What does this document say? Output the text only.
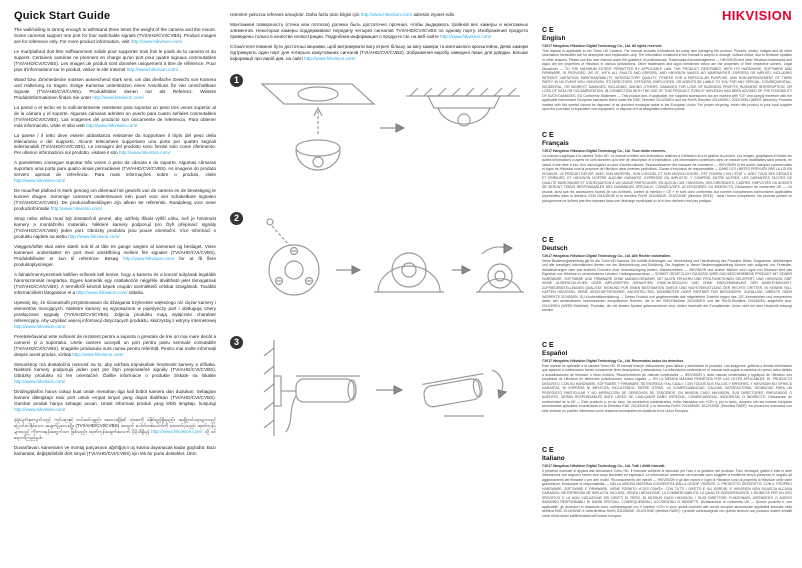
Quick Start Guide
The wall/ceiling is strong enough to withstand three times the weight of the camera and the mount. Some cameras support one port for four switchable signals (TVI/AHD/CVI/CVBS). Product images are for reference only. For more product information, visit http://www.hikvision.com/
Le mur/plafond doit être suffisamment solide pour supporter trois fois le poids de la caméra et du support. Certaines caméras ne prennent en charge qu'un port pour quatre signaux commutables (TVI/AHD/CVI/CVBS). Les images de produit sont données uniquement à titre de référence. Pour plus d'informations sur le produit, visitez le site Internet http://www.hikvision.com/
Wand bzw. Zimmerdecke müssen ausreichend stark sein, um das dreifache Gewicht von Kamera und Halterung zu tragen. Einige Kameras unterstützen einen Anschluss für vier umschaltbare Signale (TVI/AHD/CVI/CVBS). Produktbilder dienen nur als Referenz. Weitere Produktinformationen finden Sie unter http://www.hikvision.com/
La pared o el techo es lo suficientemente resistente para soportar un peso tres veces superior al de la cámara y el soporte. Algunas cámaras admiten un puerto para cuatro señales conmutables (TVI/AHD/CVI/CVBS). Las imágenes del producto son únicamente de referencia. Para obtener más información, visite el sitio web http://www.hikvision.com/
La parete / il tetto deve essere abbastanza resistente da sopportare il triplo del peso della telecamera e del supporto. Alcune telecamere supportano una porta per quattro segnali selezionabili (TVI/AHD/CVI/CVBS). Le immagini del prodotto sono fornite solo come riferimento. Per ulteriori informazioni sul prodotto, visitare il sito http://www.hikvision.com/
A parede/teto consegue suportar três vezes o peso da câmara e do suporte. Algumas câmaras suportam uma porta para quatro sinais permutáveis (TVI/AHD/CVI/CVBS). As imagens do produto servem apenas de referência. Para mais informações sobre o produto, visite http://www.hikvision.com/
De muur/het plafond is sterk genoeg om driemaal het gewicht van de camera en de bevestiging te kunnen dragen. Sommige camera's ondersteunen één poort voor vier schakelbare signalen (TVI/AHD/CVI/CVBS). De productafbeeldingen zijn alleen ter referentie. Raadpleeg voor meer productinformatie http://www.hikvision.com/
Strop nebo stěna musí být dostatečně pevné, aby udržely třikrát vyšší váhu, než je hmotnost kamery a montážního materiálu. Některé kamery podporují pro čtyři přepínací signály (TVI/AHD/CVI/CVBS) jeden port. Obrázky produktu jsou pouze orientační. Více informací o produktu najdete na webu http://www.hikvision.com/
Væggen/loftet skal være stærk nok til at tåle tre gange vægten af kameraet og beslaget. Visse kameraer understøtter én port med omskiftning mellem fire signaler (TVI/AHD/CVI/CVBS). Produktbilleder er kun til reference. Besøg http://www.hikvision.com/ for at få flere produktoplysninger.
A falnak/mennyezetnek kellően erősnek kell lennie, hogy a kamera és a konzol súlyának legalább háromszorosát megtartsa. Egyes kamerák egy csatlakozón négyféle átváltható jelet támogatnak (TVI/AHD/CVI/CVBS). A termékről készült képek csupán szemléltető célokat szolgálnak. További információkért látogasson el a http://www.hikvision.com/ oldalra.
Upewnij się, że ściana/sufit przystosowano do dźwigania trzykrotnie większego niż ciężar kamery i elementów mocujących. Niektóre kamery są wyposażone w pojedynczy port i obsługują cztery przełączane sygnały (TVI/AHD/CVI/CVBS). Zdjęcia produktu mają wyłącznie charakter referencyjny. Aby uzyskać więcej informacji dotyczących produktu, skorzystaj z witryny internetowej http://www.hikvision.com/
Peretele/tavanul este suficient de rezistent pentru a suporta o greutate de trei ori mai mare decât a camerei și a suportului. Unele camere acceptă un port pentru patru semnale comutabile (TVI/AHD/CVI/CVBS). Imaginile produsului sunt numai pentru referință. Pentru mai multe informații despre acest produs, vizitați http://www.hikvision.com/
Stena/strop má dostatočnú nosnosť na to, aby udržala trojnásobok hmotnosti kamery a držiaka. Niektoré kamery podporujú jeden port pre štyri prepínateľné signály (TVI/AHD/CVI/CVBS). Obrázky produktu sú len orientačné. Ďalšie informácie o produkte získate na lokalite http://www.hikvision.com/
Dinding/plafon harus cukup kuat untuk menahan tiga kali bobot kamera dan dudukan. Sebagian kamera dilengkapi satu port untuk empat sinyal yang dapat dialihkan (TVI/AHD/CVI/CVBS). Gambar produk hanya sebagai acuan. Untuk informasi produk yang lebih lengkap, kunjungi http://www.hikvision.com/
နံရံ/မျက်နှာကျက်သည် ကင်မရာနှင့် တပ်ဆင်ပစ္စည်း အလေးချိန်၏ သုံးဆကို ခံနိုင်ရည်ရှိရမည်။ အချို့ကင်မရာများသည် ပြောင်းလဲနိုင်သော အချက်ပြလေးမျိုး (TVI/AHD/CVI/CVBS) အတွက် ပေါက်တစ်ပေါက်ကို ထောက်ပံ့သည်။ ထုတ်ကုန်ပုံများသည် ကိုးကားရန်အတွက်သာ ဖြစ်သည်။ ထုတ်ကုန်အချက်အလက် ပိုမိုသိရှိရန် http://www.hikvision.com/ သို့ ဝင်ရောက်ကြည့်ရှုပါ။
Duvar/tavan, kameranın ve montaj parçasının ağırlığının üç katına dayanacak kadar güçlüdür. Bazı kameralar, değiştirilebilir dört sinyal (TVI/AHD/CVI/CVBS) için tek bir portu destekler. Ürün
resimleri yalnızca referans amaçlıdır. Daha fazla ürün bilgisi için http://www.hikvision.com/ adresini ziyaret edin.
Монтажная поверхность (стена или потолок) должна быть достаточно прочная, чтобы выдержать тройной вес камеры и монтажных элементов. Некоторые камеры поддерживают передачу четырех сигналов TVI/AHD/CVI/CVBS по одному порту. Изображения продукта приведены только в качестве иллюстрации. Подробная информация о продукте см. на веб-сайте http://www.hikvision.com/
Стіна/стеля повинні бути достатньо міцними, щоб витримувати вагу втричі більшу за вагу камери та монтажного кронштейна. Деякі камери підтримують один порт для чотирьох комутованих сигналів (TVI/AHD/CVI/CVBS). Зображення виробу наведені лише для довідки. Більше інформації про виріб див. на сайті http://www.hikvision.com/
1
2
3
HIKVISION
CE
English
©2017 Hangzhou Hikvision Digital Technology Co., Ltd. All rights reserved.
This manual is applicable to the Turbo HD Camera. The manual includes instructions for using and managing the product. Pictures, charts, images and all other information hereinafter are for description and explanation only. The information contained in the manual is subject to change, without notice, due to firmware updates or other reasons. Please use this user manual under the guidance of professionals. Trademarks Acknowledgement — HIKVISION and other Hikvision trademarks and logos are the properties of Hikvision in various jurisdictions. Other trademarks and logos mentioned below are the properties of their respective owners. Legal Disclaimer — TO THE MAXIMUM EXTENT PERMITTED BY APPLICABLE LAW, THE PRODUCT DESCRIBED, WITH ITS HARDWARE, SOFTWARE AND FIRMWARE, IS PROVIDED “AS IS”, WITH ALL FAULTS AND ERRORS, AND HIKVISION MAKES NO WARRANTIES, EXPRESS OR IMPLIED, INCLUDING WITHOUT LIMITATION, MERCHANTABILITY, SATISFACTORY QUALITY, FITNESS FOR A PARTICULAR PURPOSE, AND NON-INFRINGEMENT OF THIRD PARTY. IN NO EVENT WILL HIKVISION, ITS DIRECTORS, OFFICERS, EMPLOYEES, OR AGENTS BE LIABLE TO YOU FOR ANY SPECIAL, CONSEQUENTIAL, INCIDENTAL, OR INDIRECT DAMAGES, INCLUDING, AMONG OTHERS, DAMAGES FOR LOSS OF BUSINESS PROFITS, BUSINESS INTERRUPTION, OR LOSS OF DATA OR DOCUMENTATION, IN CONNECTION WITH THE USE OF THIS PRODUCT, EVEN IF HIKVISION HAS BEEN ADVISED OF THE POSSIBILITY OF SUCH DAMAGES. EU Conformity Statement — This product and, if applicable, the supplied accessories too are marked with “CE” and comply therefore with the applicable harmonized European standards listed under the EMC Directive 2014/30/EU and the RoHS Directive 2011/65/EU. 2012/19/EU (WEEE directive): Products marked with this symbol cannot be disposed of as unsorted municipal waste in the European Union. For proper recycling, return this product to your local supplier upon the purchase of equivalent new equipment, or dispose of it at designated collection points.
CE
Français
©2017 Hangzhou Hikvision Digital Technology Co., Ltd. Tous droits réservés.
Ce manuel s'applique à la caméra Turbo HD. Le manuel contient des instructions relatives à l'utilisation et à la gestion du produit. Les images, graphiques et toutes les autres informations ci-après ne sont données qu'à titre de description et d'explication. Les informations contenues dans ce manuel sont modifiables sans préavis, en raison d'une mise à jour d'un micrologiciel ou pour d'autres raisons. Reconnaissance des marques de commerce — HIKVISION et les autres marques commerciales et logos de Hikvision sont la propriété de Hikvision dans diverses juridictions. Clause d'exclusion de responsabilité — DANS LES LIMITES PRÉVUES PAR LA LOI EN VIGUEUR, LE PRODUIT DÉCRIT, AVEC SON MATÉRIEL, SON LOGICIEL ET SON MICROLOGICIEL, EST FOURNI « EN L'ÉTAT », AVEC TOUS SES DÉFAUTS ET ERREURS, ET HIKVISION N'OFFRE AUCUNE GARANTIE, EXPRESSE OU IMPLICITE, Y COMPRIS, ENTRE AUTRES, LES GARANTIES TACITES DE QUALITÉ MARCHANDE ET D'ADÉQUATION À UN USAGE PARTICULIER. EN AUCUN CAS, HIKVISION, SES DIRIGEANTS, CADRES, EMPLOYÉS OU AGENTS NE SERONT TENUS RESPONSABLES DES DOMMAGES SPÉCIAUX, CONSÉCUTIFS, ACCESSOIRES OU INDIRECTS. Déclaration de conformité UE — Ce produit, ainsi que les accessoires fournis (le cas échéant), portent la mention « CE » et sont donc conformes aux normes européennes harmonisées applicables répertoriées dans la directive CEM 2014/30/UE et la directive RoHS 2011/65/UE. 2012/19/UE (directive DEEE) : dans l'Union européenne, les produits portant ce pictogramme ne doivent pas être déposés dans une décharge municipale où le tri des déchets n'est pas pratiqué.
CE
Deutsch
©2017 Hangzhou Hikvision Digital Technology Co., Ltd. Alle Rechte vorbehalten.
Diese Bedienungsanleitung gilt für die Turbo-HD-Kamera. Sie enthält Anleitungen zur Verwendung und Handhabung des Produkts. Bilder, Diagramme, Abbildungen und alle sonstigen Informationen dienen nur der Beschreibung und Erklärung. Die Angaben in dieser Bedienungsanleitung können sich aufgrund von Firmware-Aktualisierungen oder aus anderen Gründen ohne Vorankündigung ändern. Markenzeichen — HIKVISION und andere Marken und Logos von Hikvision sind das Eigentum von Hikvision in verschiedenen Ländern. Haftungsausschluss — SOWEIT GESETZLICH ZULÄSSIG WIRD DAS BESCHRIEBENE PRODUKT MIT SEINER HARDWARE, SOFTWARE UND FIRMWARE OHNE MÄNGELGEWÄHR, MIT ALLEN FEHLERN UND FEHLFUNKTIONEN GELIEFERT, UND HIKVISION GIBT KEINE AUSDRÜCKLICHEN ODER IMPLIZIERTEN GARANTIEN, EINSCHLIESSLICH UND OHNE EINSCHRÄNKUNG DER MARKTFÄHIGKEIT, ZUFRIEDENSTELLENDEN QUALITÄT, EIGNUNG FÜR EINEN BESTIMMTEN ZWECK UND NICHTVERLETZUNG DER RECHTE DRITTER. IN KEINEM FALL HAFTEN HIKVISION, SEINE GESCHÄFTSFÜHRER, ANGESTELLTEN, MITARBEITER ODER PARTNER FÜR BESONDERE, ZUFÄLLIGE, DIREKTE ODER INDIREKTE SCHÄDEN. EU-Konformitätserklärung — Dieses Produkt und gegebenenfalls das mitgelieferte Zubehör tragen das „CE“-Kennzeichen und entsprechen daher den anwendbaren harmonisierten europäischen Normen, die in der EMV-Richtlinie 2014/30/EU und der RoHS-Richtlinie 2011/65/EU aufgeführt sind. 2012/19/EU (WEEE-Richtlinie): Produkte, die mit diesem Symbol gekennzeichnet sind, dürfen innerhalb der Europäischen Union nicht mit dem Hausmüll entsorgt werden.
CE
Español
©2017 Hangzhou Hikvision Digital Technology Co., Ltd. Reservados todos los derechos.
Este manual es aplicable a la cámara Turbo HD. El manual incluye instrucciones para utilizar y administrar el producto. Las imágenes, gráficos y demás información que aparece a continuación tienen únicamente fines descriptivos y aclaratorios. La información contenida en el manual está sujeta a cambios sin previo aviso debido a actualizaciones de firmware u otros motivos. Reconocimiento de marcas comerciales — HIKVISION y otras marcas comerciales y logotipos de Hikvision son propiedad de Hikvision en diferentes jurisdicciones. Avisos legales — EN LA MEDIDA MÁXIMA PERMITIDA POR LAS LEYES APLICABLES, EL PRODUCTO DESCRITO, CON SU HARDWARE, SOFTWARE Y FIRMWARE, SE ENTREGA «TAL CUAL», CON TODOS SUS FALLOS Y ERRORES, Y HIKVISION NO OFRECE GARANTÍA, NI EXPRESA NI IMPLÍCITA, INCLUYENDO, ENTRE OTRAS, LA COMERCIABILIDAD, CALIDAD SATISFACTORIA, IDONEIDAD PARA UN PROPÓSITO PARTICULAR Y NO INFRACCIÓN DE DERECHOS DE TERCEROS. EN NINGÚN CASO HIKVISION, SUS DIRECTORES, EMPLEADOS O AGENTES, SERÁN RESPONSABLES ANTE USTED DE CUALQUIER DAÑO ESPECIAL, CONSECUENCIAL, INCIDENTAL O INDIRECTO. Declaración de conformidad de la UE — Este producto y, en su caso, los accesorios suministrados, están marcados con «CE» y, por lo tanto, cumplen con las normas europeas armonizadas aplicables enumeradas en la Directiva EMC 2014/30/UE y la Directiva RoHS 2011/65/UE. 2012/19/UE (Directiva RAEE): los productos marcados con este símbolo no pueden eliminarse como residuos municipales sin clasificar en la Unión Europea.
CE
Italiano
©2017 Hangzhou Hikvision Digital Technology Co., Ltd. Tutti i diritti riservati.
Il presente manuale si applica alla telecamera Turbo HD. Il manuale contiene le istruzioni per l'uso e la gestione del prodotto. Foto, immagini, grafici e tutte le altre informazioni che seguono hanno solo scopi illustrativi ed esplicativi. Le informazioni contenute nel manuale sono soggette a modifiche senza preavviso in seguito ad aggiornamenti del firmware o per altri motivi. Riconoscimento dei marchi — HIKVISION e gli altri marchi e loghi di Hikvision sono di proprietà di Hikvision nelle varie giurisdizioni. Esclusione di responsabilità — NELLA MISURA MASSIMA CONSENTITA DALLA LEGGE VIGENTE, IL PRODOTTO DESCRITTO, CON IL PROPRIO HARDWARE, SOFTWARE E FIRMWARE, VIENE FORNITO «COSÌ COM'È», CON TUTTI I DIFETTI E GLI ERRORI, E HIKVISION NON RILASCIA ALCUNA GARANZIA, NÉ ESPRESSA NÉ IMPLICITA, INCLUSE, SENZA LIMITAZIONE, LA COMMERCIABILITÀ, LA QUALITÀ SODDISFACENTE, L'IDONEITÀ PER UN USO SPECIFICO E LA NON VIOLAZIONE DEI DIRITTI DI TERZI. IN NESSUN CASO HIKVISION, I SUOI DIRETTORI, FUNZIONARI, DIPENDENTI O AGENTI SARANNO RESPONSABILI DI DANNI SPECIALI, CONSEQUENZIALI, ACCIDENTALI O INDIRETTI. Dichiarazione di conformità UE — Questo prodotto e, ove applicabile, gli accessori in dotazione sono contrassegnati con il marchio «CE» e sono quindi conformi alle norme europee armonizzate applicabili elencate nella direttiva EMC 2014/30/UE e nella direttiva RoHS 2011/65/UE. 2012/19/UE (direttiva RAEE): i prodotti contrassegnati con questo simbolo non possono essere smaltiti come rifiuti urbani indifferenziati nell'Unione europea.
